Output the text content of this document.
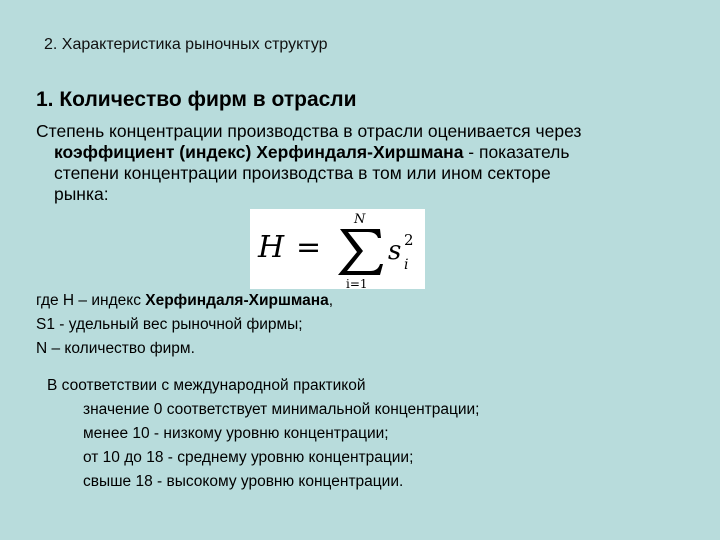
2. Характеристика рыночных структур
1. Количество фирм в отрасли
Степень концентрации производства в отрасли оценивается через
коэффициент (индекс) Херфиндаля-Хиршмана - показатель
степени концентрации производства в том или ином секторе
рынка:
H =
N
i=1
s i
2
где Н – индекс Херфиндаля-Хиршмана,
S1 - удельный вес рыночной фирмы;
N – количество фирм.
В соответствии с международной практикой
значение 0 соответствует минимальной концентрации;
менее 10 - низкому уровню концентрации;
от 10 до 18 - среднему уровню концентрации;
свыше 18 - высокому уровню концентрации.
